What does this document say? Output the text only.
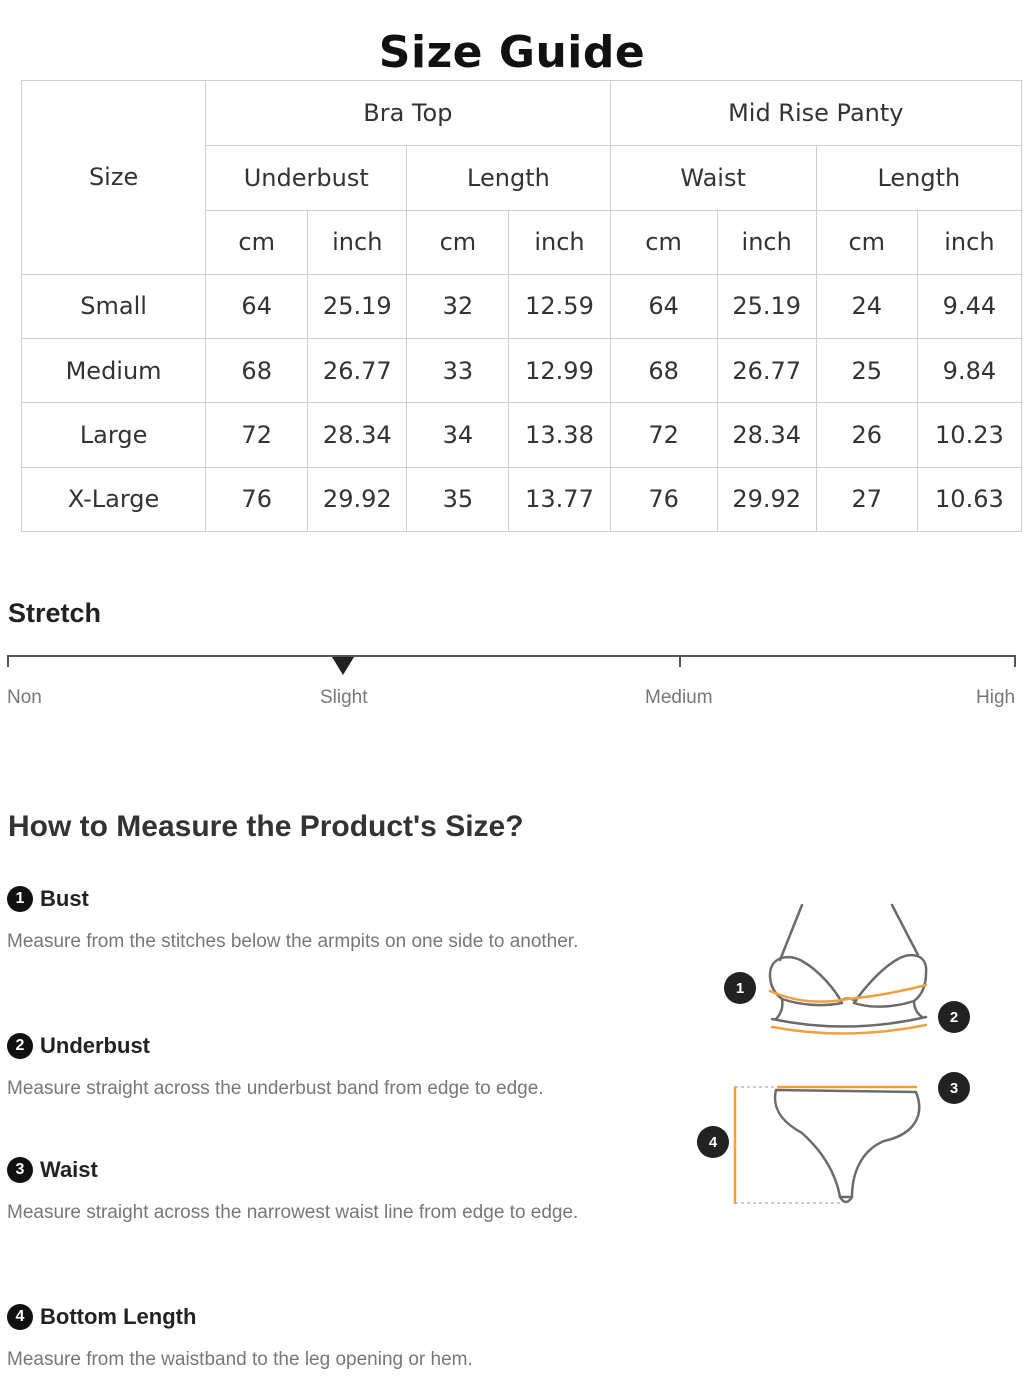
Size Guide
Size	Bra Top				Mid Rise Panty			
	Underbust		Length		Waist		Length	
	cm	inch	cm	inch	cm	inch	cm	inch
Small	64	25.19	32	12.59	64	25.19	24	9.44
Medium	68	26.77	33	12.99	68	26.77	25	9.84
Large	72	28.34	34	13.38	72	28.34	26	10.23
X-Large	76	29.92	35	13.77	76	29.92	27	10.63
Stretch
Non	Slight	Medium	High
How to Measure the Product's Size?
1 Bust
Measure from the stitches below the armpits on one side to another.
2 Underbust
Measure straight across the underbust band from edge to edge.
3 Waist
Measure straight across the narrowest waist line from edge to edge.
4 Bottom Length
Measure from the waistband to the leg opening or hem.
1
2
3
4
